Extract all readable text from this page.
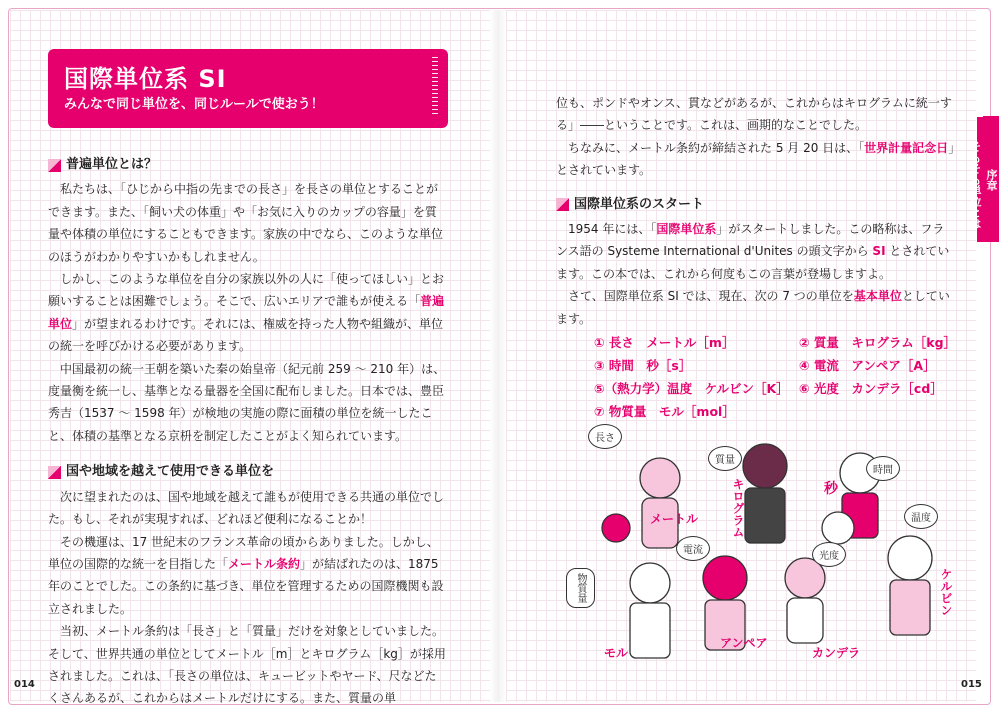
国際単位系 SI
みんなで同じ単位を、同じルールで使おう！
普遍単位とは？

私たちは、「ひじから中指の先までの長さ」を長さの単位とすることができます。また、「飼い犬の体重」や「お気に入りのカップの容量」を質量や体積の単位にすることもできます。家族の中でなら、このような単位のほうがわかりやすいかもしれません。

しかし、このような単位を自分の家族以外の人に「使ってほしい」とお願いすることは困難でしょう。そこで、広いエリアで誰もが使える「普遍単位」が望まれるわけです。それには、権威を持った人物や組織が、単位の統一を呼びかける必要があります。

中国最初の統一王朝を築いた秦の始皇帝（紀元前 259 〜 210 年）は、度量衡を統一し、基準となる量器を全国に配布しました。日本では、豊臣秀吉（1537 〜 1598 年）が検地の実施の際に面積の単位を統一したこと、体積の基準となる京枡を制定したことがよく知られています。

国や地域を越えて使用できる単位を

次に望まれたのは、国や地域を越えて誰もが使用できる共通の単位でした。もし、それが実現すれば、どれほど便利になることか！

その機運は、17 世紀末のフランス革命の頃からありました。しかし、単位の国際的な統一を目指した「メートル条約」が結ばれたのは、1875 年のことでした。この条約に基づき、単位を管理するための国際機関も設立されました。

当初、メートル条約は「長さ」と「質量」だけを対象としていました。そして、世界共通の単位としてメートル［m］とキログラム［kg］が採用されました。これは、「長さの単位は、キュービットやヤード、尺などたくさんあるが、これからはメートルだけにする。また、質量の単

014

位も、ポンドやオンス、貫などがあるが、これからはキログラムに統一する」――ということです。これは、画期的なことでした。

ちなみに、メートル条約が締結された 5 月 20 日は、「世界計量記念日」とされています。

国際単位系のスタート

1954 年には、「国際単位系」がスタートしました。この略称は、フランス語の Systeme International d'Unites の頭文字から SI とされています。この本では、これから何度もこの言葉が登場しますよ。

さて、国際単位系 SI では、現在、次の 7 つの単位を基本単位としています。

① 長さ　メートル［m］	② 質量　キログラム［kg］
③ 時間　秒［s］	④ 電流　アンペア［A］
⑤（熱力学）温度　ケルビン［K］ ⑥ 光度　カンデラ［cd］
⑦ 物質量　モル［mol］
長さ
質量
時間
電流
光度
温度
物質量
メートル	キログラム	秒
アンペア
カンデラ
ケルビン
モル
序章
そもそも単位とは
015
